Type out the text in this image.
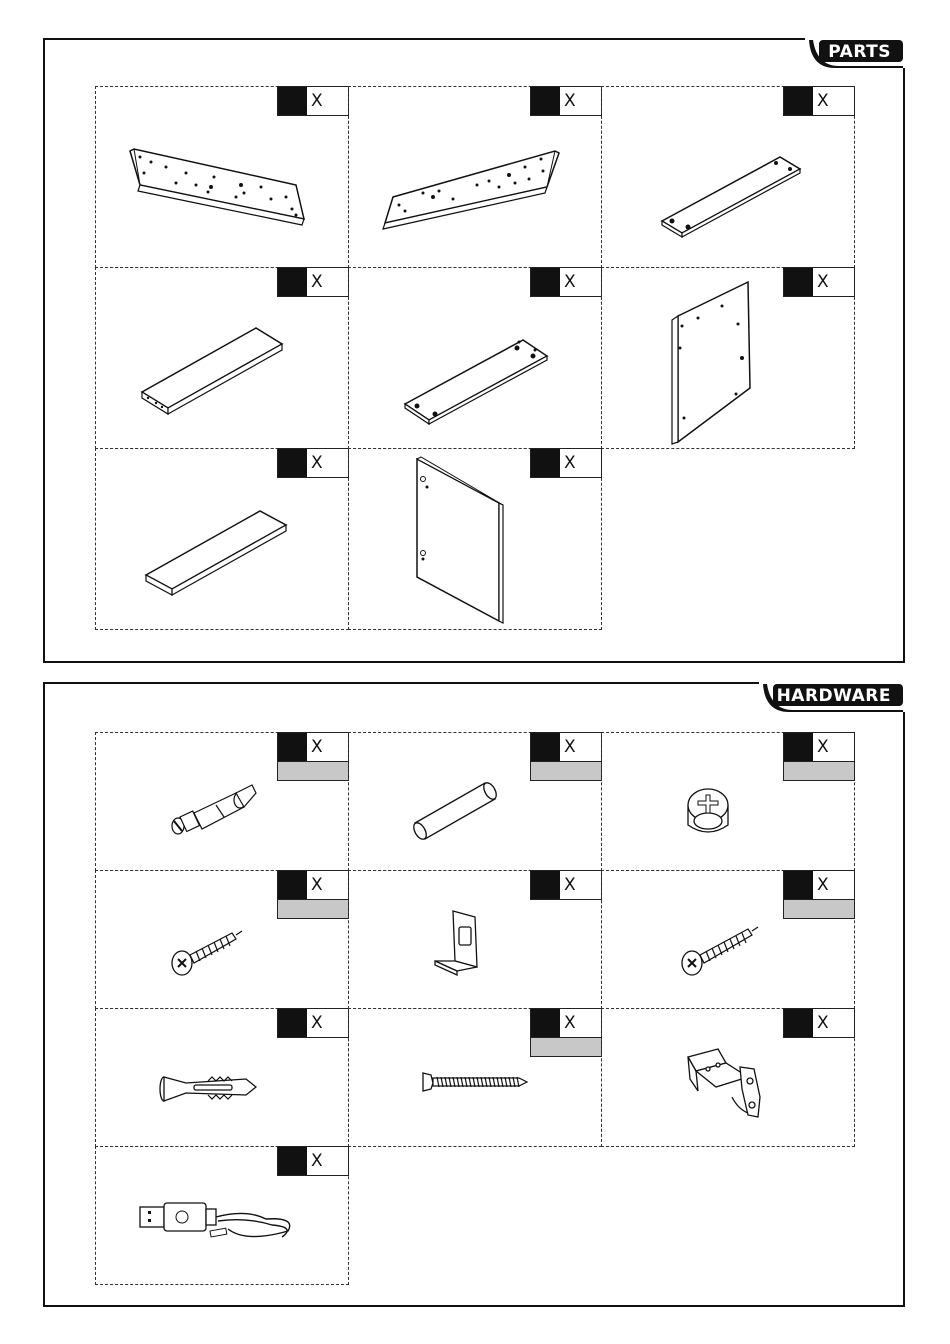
PARTS
X	X	X
X	X	X
X	X
HARDWARE
X	X	X
X	X	X
X	X	X
X
